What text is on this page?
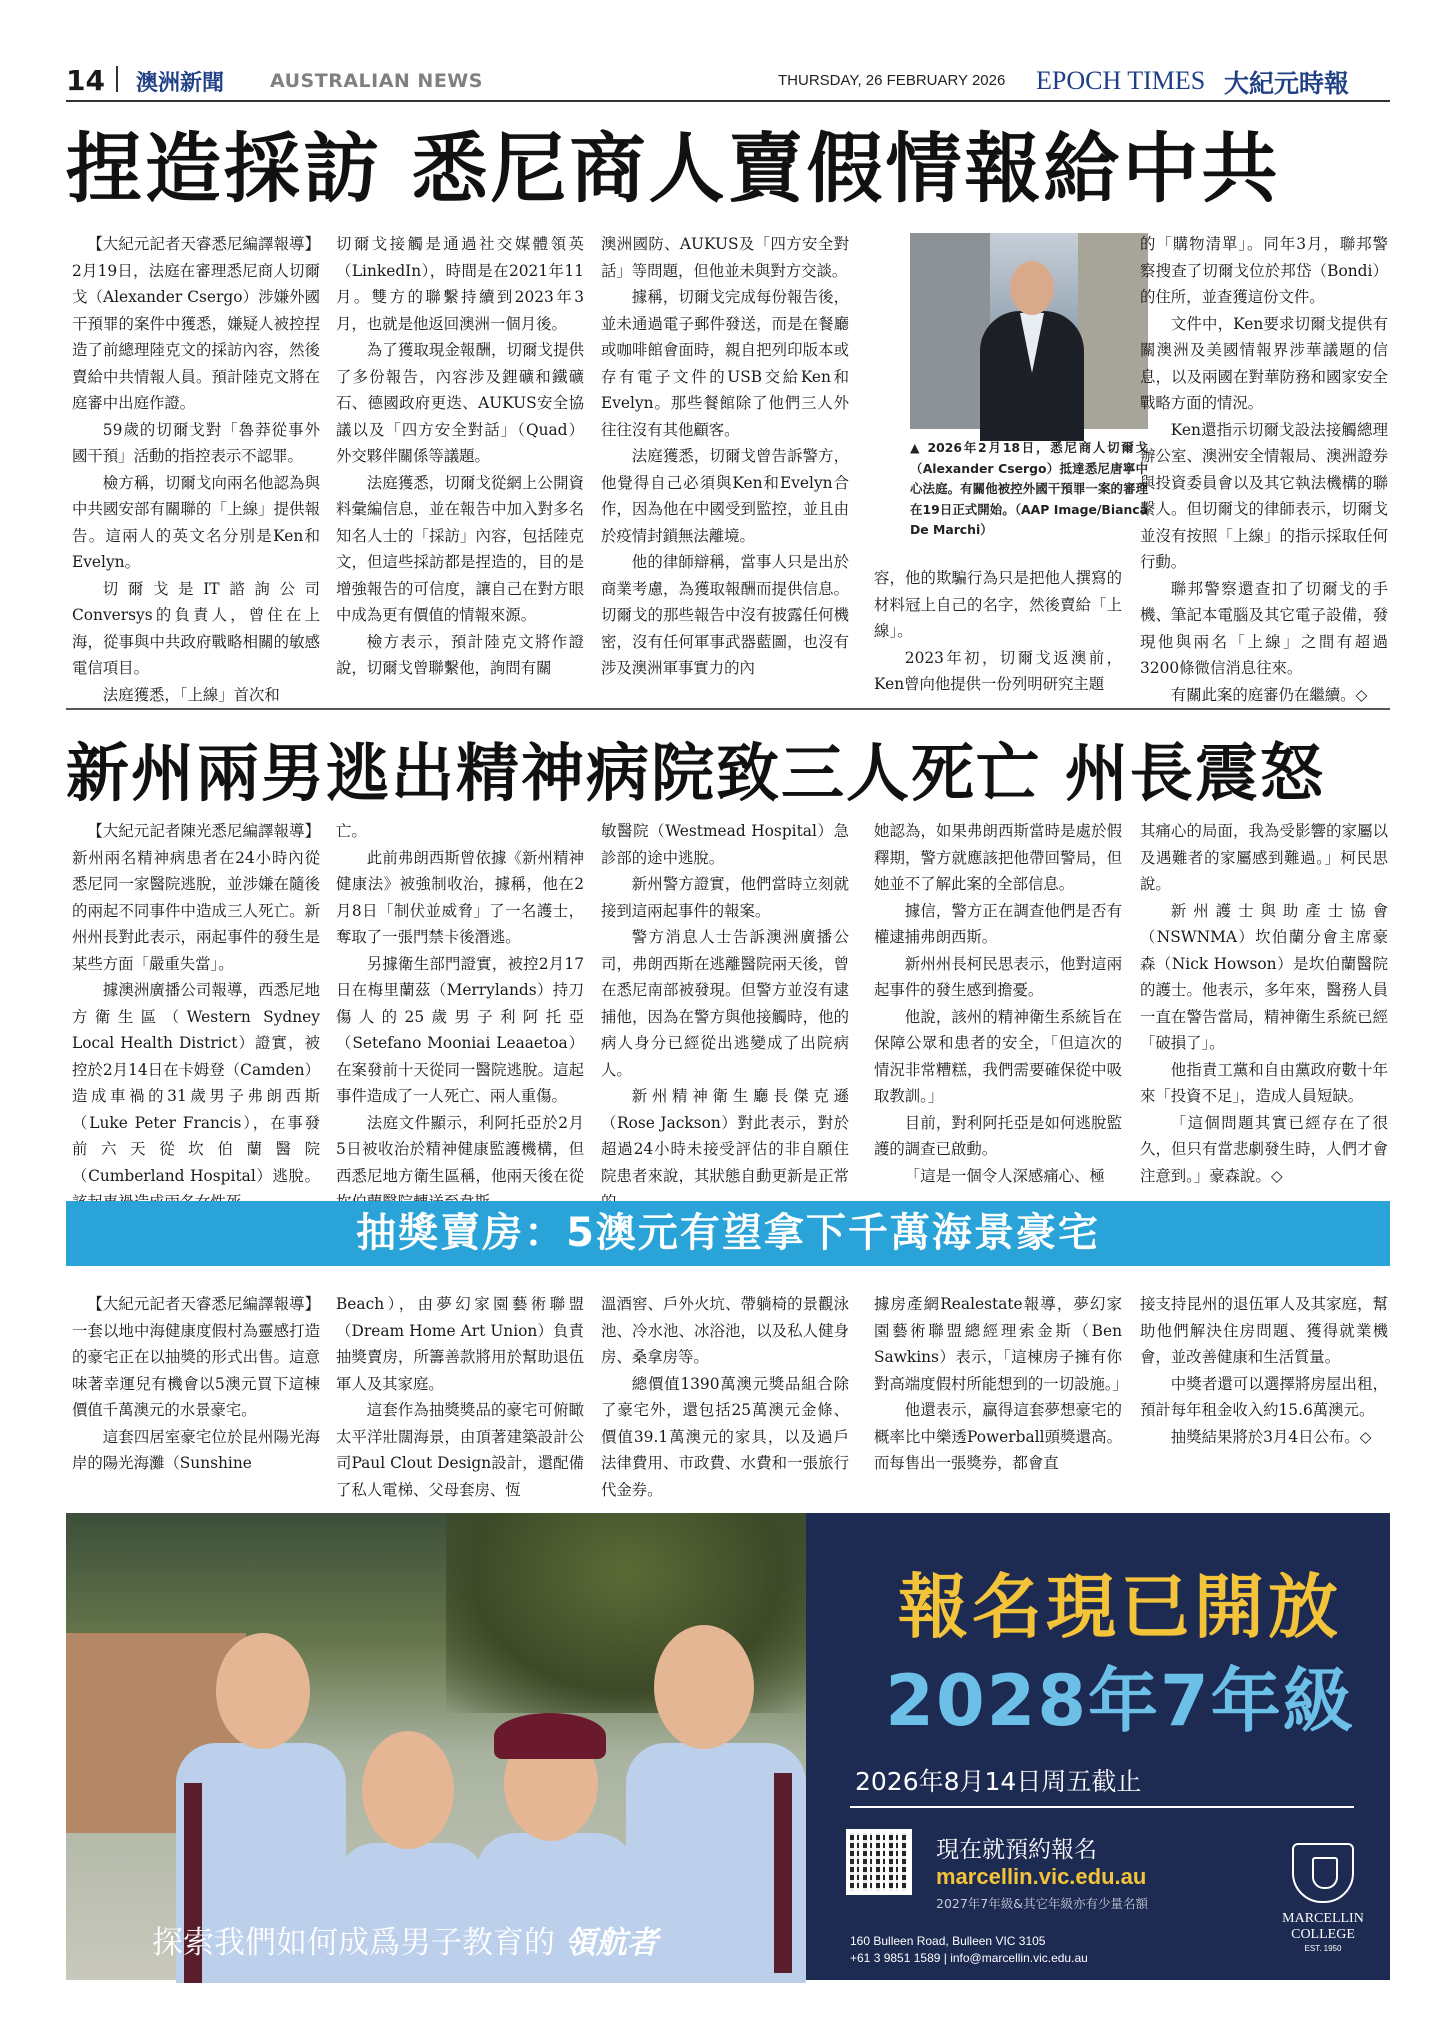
14 澳洲新聞 AUSTRALIAN NEWS	THURSDAY, 26 FEBRUARY 2026 EPOCH TIMES 大紀元時報
捏造採訪 悉尼商人賣假情報給中共

【大紀元記者天睿悉尼編譯報導】2月19日，法庭在審理悉尼商人切爾戈（Alexander Csergo）涉嫌外國干預罪的案件中獲悉，嫌疑人被控捏造了前總理陸克文的採訪內容，然後賣給中共情報人員。預計陸克文將在庭審中出庭作證。

59歲的切爾戈對「魯莽從事外國干預」活動的指控表示不認罪。

檢方稱，切爾戈向兩名他認為與中共國安部有關聯的「上線」提供報告。這兩人的英文名分別是Ken和Evelyn。

切爾戈是IT諮詢公司Conversys的負責人，曾住在上海，從事與中共政府戰略相關的敏感電信項目。

法庭獲悉，「上線」首次和

切爾戈接觸是通過社交媒體領英（LinkedIn），時間是在2021年11月。雙方的聯繫持續到2023年3月，也就是他返回澳洲一個月後。

為了獲取現金報酬，切爾戈提供了多份報告，內容涉及鋰礦和鐵礦石、德國政府更迭、AUKUS安全協議以及「四方安全對話」（Quad）外交夥伴關係等議題。

法庭獲悉，切爾戈從網上公開資料彙編信息，並在報告中加入對多名知名人士的「採訪」內容，包括陸克文，但這些採訪都是捏造的，目的是增強報告的可信度，讓自己在對方眼中成為更有價值的情報來源。

檢方表示，預計陸克文將作證說，切爾戈曾聯繫他，詢問有關

澳洲國防、AUKUS及「四方安全對話」等問題，但他並未與對方交談。

據稱，切爾戈完成每份報告後，並未通過電子郵件發送，而是在餐廳或咖啡館會面時，親自把列印版本或存有電子文件的USB交給Ken和Evelyn。那些餐館除了他們三人外往往沒有其他顧客。

法庭獲悉，切爾戈曾告訴警方，他覺得自己必須與Ken和Evelyn合作，因為他在中國受到監控，並且由於疫情封鎖無法離境。

他的律師辯稱，當事人只是出於商業考慮，為獲取報酬而提供信息。切爾戈的那些報告中沒有披露任何機密，沒有任何軍事武器藍圖，也沒有涉及澳洲軍事實力的內

▲ 2026年2月18日，悉尼商人切爾戈（Alexander Csergo）抵達悉尼唐寧中心法庭。有關他被控外國干預罪一案的審理在19日正式開始。（AAP Image/Bianca De Marchi）

容，他的欺騙行為只是把他人撰寫的材料冠上自己的名字，然後賣給「上線」。

2023年初，切爾戈返澳前，Ken曾向他提供一份列明研究主題

的「購物清單」。同年3月，聯邦警察搜查了切爾戈位於邦岱（Bondi）的住所，並查獲這份文件。

文件中，Ken要求切爾戈提供有關澳洲及美國情報界涉華議題的信息，以及兩國在對華防務和國家安全戰略方面的情況。

Ken還指示切爾戈設法接觸總理辦公室、澳洲安全情報局、澳洲證券與投資委員會以及其它執法機構的聯繫人。但切爾戈的律師表示，切爾戈並沒有按照「上線」的指示採取任何行動。

聯邦警察還查扣了切爾戈的手機、筆記本電腦及其它電子設備，發現他與兩名「上線」之間有超過3200條微信消息往來。

有關此案的庭審仍在繼續。◇

新州兩男逃出精神病院致三人死亡 州長震怒

【大紀元記者陳光悉尼編譯報導】新州兩名精神病患者在24小時內從悉尼同一家醫院逃脫，並涉嫌在隨後的兩起不同事件中造成三人死亡。新州州長對此表示，兩起事件的發生是某些方面「嚴重失當」。

據澳洲廣播公司報導，西悉尼地方衛生區（Western Sydney Local Health District）證實，被控於2月14日在卡姆登（Camden）造成車禍的31歲男子弗朗西斯（Luke Peter Francis），在事發前六天從坎伯蘭醫院（Cumberland Hospital）逃脫。

亡。

此前弗朗西斯曾依據《新州精神健康法》被強制收治，據稱，他在2月8日「制伏並威脅」了一名護士，奪取了一張門禁卡後潛逃。

另據衛生部門證實，被控2月17日在梅里蘭茲（Merrylands）持刀傷人的25歲男子利阿托亞（Setefano Mooniai Leaaetoa）在案發前十天從同一醫院逃脫。這起事件造成了一人死亡、兩人重傷。

法庭文件顯示，利阿托亞於2月5日被收治於精神健康監護機構，但西悉尼地方衛生區稱，他兩天後在從

敏醫院（Westmead Hospital）急診部的途中逃脫。

新州警方證實，他們當時立刻就接到這兩起事件的報案。

警方消息人士告訴澳洲廣播公司，弗朗西斯在逃離醫院兩天後，曾在悉尼南部被發現。但警方並沒有逮捕他，因為在警方與他接觸時，他的病人身分已經從出逃變成了出院病人。

新州精神衛生廳長傑克遜（Rose Jackson）對此表示，對於超過24小時未接受評估的非自願住院患者來說，其狀態自動更新是正常

她認為，如果弗朗西斯當時是處於假釋期，警方就應該把他帶回警局，但她並不了解此案的全部信息。

據信，警方正在調查他們是否有權逮捕弗朗西斯。

新州州長柯民思表示，他對這兩起事件的發生感到擔憂。

他說，該州的精神衛生系統旨在保障公眾和患者的安全，「但這次的情況非常糟糕，我們需要確保從中吸取教訓。」

目前，對利阿托亞是如何逃脫監護的調查已啟動。

「這是一個令人深感痛心、極

其痛心的局面，我為受影響的家屬以及遇難者的家屬感到難過。」柯民思說。

新州護士與助產士協會（NSWNMA）坎伯蘭分會主席豪森（Nick Howson）是坎伯蘭醫院的護士。他表示，多年來，醫務人員一直在警告當局，精神衛生系統已經「破損了」。

他指責工黨和自由黨政府數十年來「投資不足」，造成人員短缺。

「這個問題其實已經存在了很久，但只有當悲劇發生時，人們才會注意到。」豪森說。◇

抽獎賣房：5澳元有望拿下千萬海景豪宅

【大紀元記者天睿悉尼編譯報導】一套以地中海健康度假村為靈感打造的豪宅正在以抽獎的形式出售。這意味著幸運兒有機會以5澳元買下這棟價值千萬澳元的水景豪宅。

這套四居室豪宅位於昆州陽光海岸的陽光海灘（Sunshine

Beach），由夢幻家園藝術聯盟（Dream Home Art Union）負責抽獎賣房，所籌善款將用於幫助退伍軍人及其家庭。

這套作為抽獎獎品的豪宅可俯瞰太平洋壯闊海景，由頂著建築設計公司Paul Clout Design設計，還配備了私人電梯、父母套房、恆

溫酒窖、戶外火坑、帶躺椅的景觀泳池、冷水池、冰浴池，以及私人健身房、桑拿房等。

總價值1390萬澳元獎品組合除了豪宅外，還包括25萬澳元金條、價值39.1萬澳元的家具，以及過戶法律費用、市政費、水費和一張旅行代金券。

據房產網Realestate報導，夢幻家園藝術聯盟總經理索金斯（Ben Sawkins）表示，「這棟房子擁有你對高端度假村所能想到的一切設施。」

他還表示，贏得這套夢想豪宅的概率比中樂透Powerball頭獎還高。而每售出一張獎券，都會直

接支持昆州的退伍軍人及其家庭，幫助他們解決住房問題、獲得就業機會，並改善健康和生活質量。

中獎者還可以選擇將房屋出租，預計每年租金收入約15.6萬澳元。

抽獎結果將於3月4日公布。◇

探索我們如何成爲男子教育的 領航者
報名現已開放
2028年7年級
2026年8月14日周五截止
現在就預約報名
marcellin.vic.edu.au
2027年7年級&其它年級亦有少量名額
160 Bulleen Road, Bulleen VIC 3105
+61 3 9851 1589 | info@marcellin.vic.edu.au
MARCELLIN COLLEGE
EST. 1950
